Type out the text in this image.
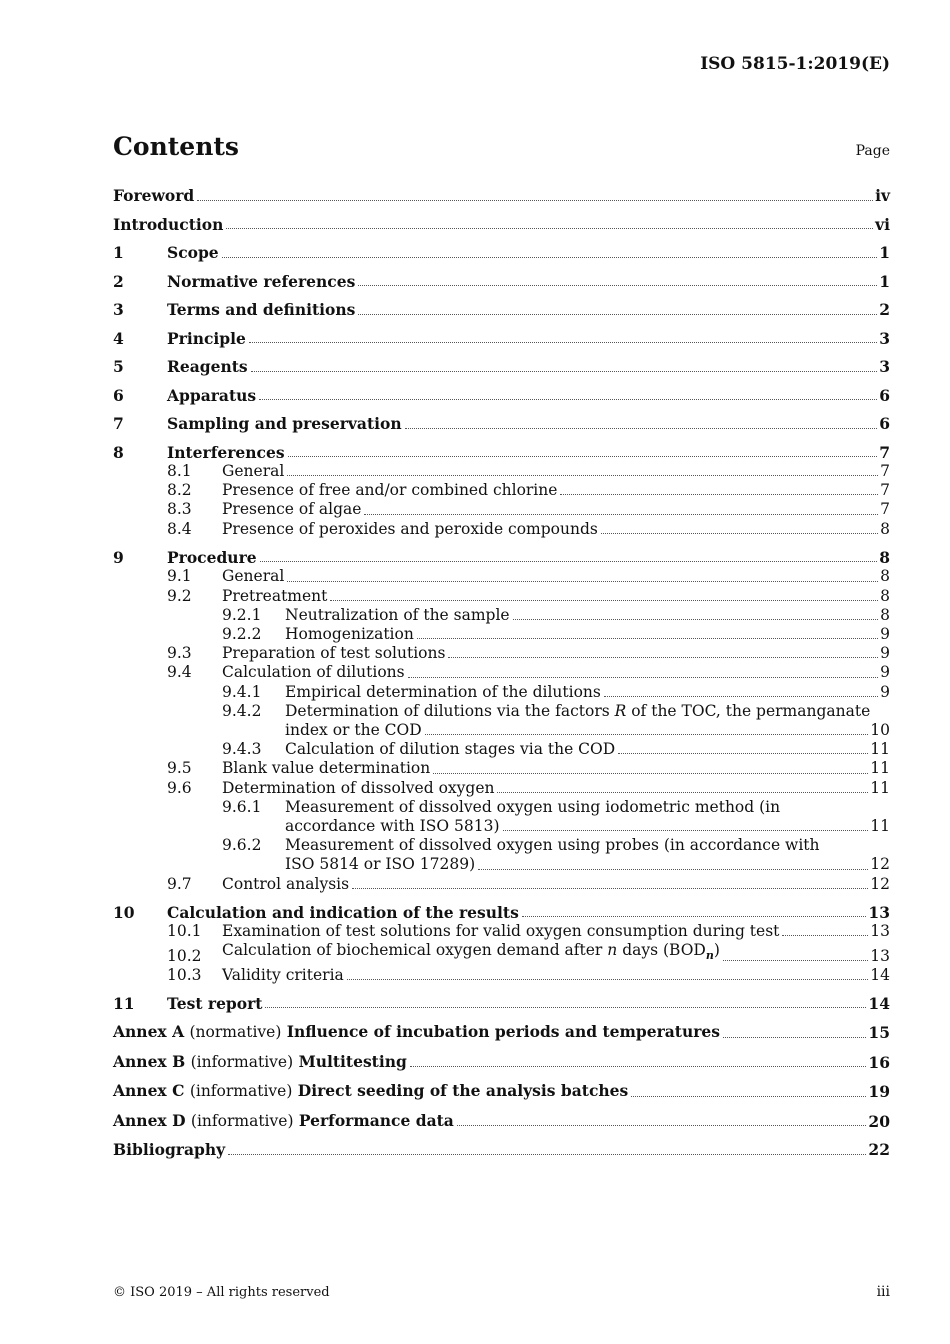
ISO 5815-1:2019(E)
Contents	Page
Foreword	iv
Introduction	vi
1	Scope	1
2	Normative references	1
3	Terms and definitions	2
4	Principle	3
5	Reagents	3
6	Apparatus	6
7	Sampling and preservation	6
8	Interferences	7
8.1	General	7
8.2	Presence of free and/or combined chlorine	7
8.3	Presence of algae	7
8.4	Presence of peroxides and peroxide compounds	8
9	Procedure	8
9.1	General	8
9.2	Pretreatment	8
9.2.1	Neutralization of the sample	8
9.2.2	Homogenization	9
9.3	Preparation of test solutions	9
9.4	Calculation of dilutions	9
9.4.1	Empirical determination of the dilutions	9
9.4.2	Determination of dilutions via the factors R of the TOC, the permanganate
index or the COD	10
9.4.3	Calculation of dilution stages via the COD	11
9.5	Blank value determination	11
9.6	Determination of dissolved oxygen	11
9.6.1	Measurement of dissolved oxygen using iodometric method (in
accordance with ISO 5813)	11
9.6.2	Measurement of dissolved oxygen using probes (in accordance with
ISO 5814 or ISO 17289)	12
9.7	Control analysis	12
10	Calculation and indication of the results	13
10.1	Examination of test solutions for valid oxygen consumption during test	13
10.2	Calculation of biochemical oxygen demand after n days $(BOD_n)$	13
10.3	Validity criteria	14
11	Test report	14
Annex A (normative) Influence of incubation periods and temperatures	15
Annex B (informative) Multitesting	16
Annex C (informative) Direct seeding of the analysis batches	19
Annex D (informative) Performance data	20
Bibliography	22
© ISO 2019 – All rights reserved	iii
